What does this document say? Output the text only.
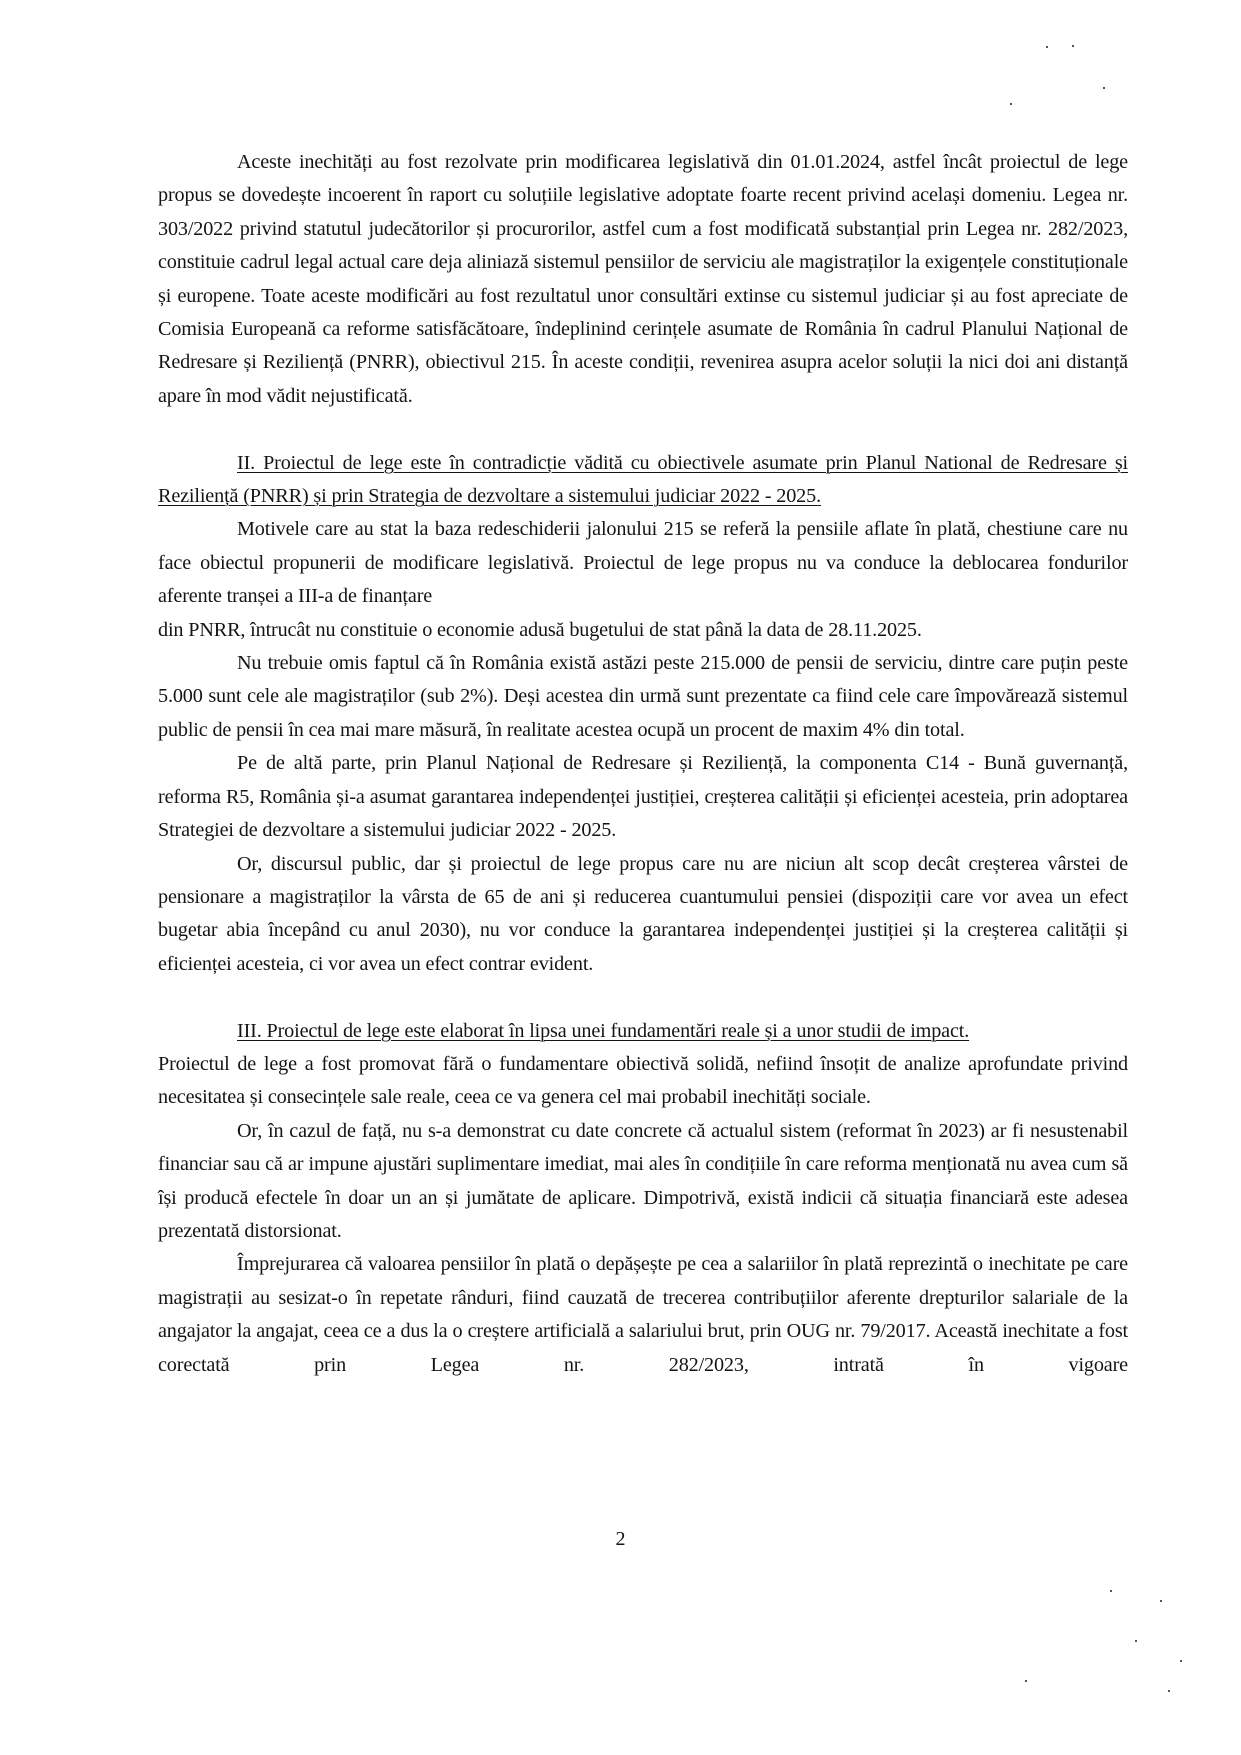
Aceste inechități au fost rezolvate prin modificarea legislativă din 01.01.2024, astfel încât proiectul de lege propus se dovedește incoerent în raport cu soluțiile legislative adoptate foarte recent privind același domeniu. Legea nr. 303/2022 privind statutul judecătorilor și procurorilor, astfel cum a fost modificată substanțial prin Legea nr. 282/2023, constituie cadrul legal actual care deja aliniază sistemul pensiilor de serviciu ale magistraților la exigențele constituționale și europene. Toate aceste modificări au fost rezultatul unor consultări extinse cu sistemul judiciar și au fost apreciate de Comisia Europeană ca reforme satisfăcătoare, îndeplinind cerințele asumate de România în cadrul Planului Național de Redresare și Reziliență (PNRR), obiectivul 215. În aceste condiții, revenirea asupra acelor soluții la nici doi ani distanță apare în mod vădit nejustificată.

II. Proiectul de lege este în contradicție vădită cu obiectivele asumate prin Planul National de Redresare și Reziliență (PNRR) și prin Strategia de dezvoltare a sistemului judiciar 2022 - 2025.

Motivele care au stat la baza redeschiderii jalonului 215 se referă la pensiile aflate în plată, chestiune care nu face obiectul propunerii de modificare legislativă. Proiectul de lege propus nu va conduce la deblocarea fondurilor aferente tranșei a III-a de finanțare

din PNRR, întrucât nu constituie o economie adusă bugetului de stat până la data de 28.11.2025.

Nu trebuie omis faptul că în România există astăzi peste 215.000 de pensii de serviciu, dintre care puțin peste 5.000 sunt cele ale magistraților (sub 2%). Deși acestea din urmă sunt prezentate ca fiind cele care împovărează sistemul public de pensii în cea mai mare măsură, în realitate acestea ocupă un procent de maxim 4% din total.

Pe de altă parte, prin Planul Național de Redresare și Reziliență, la componenta C14 - Bună guvernanță, reforma R5, România și-a asumat garantarea independenței justiției, creșterea calității și eficienței acesteia, prin adoptarea Strategiei de dezvoltare a sistemului judiciar 2022 - 2025.

Or, discursul public, dar și proiectul de lege propus care nu are niciun alt scop decât creșterea vârstei de pensionare a magistraților la vârsta de 65 de ani și reducerea cuantumului pensiei (dispoziții care vor avea un efect bugetar abia începând cu anul 2030), nu vor conduce la garantarea independenței justiției și la creșterea calității și eficienței acesteia, ci vor avea un efect contrar evident.

III. Proiectul de lege este elaborat în lipsa unei fundamentări reale și a unor studii de impact.

Proiectul de lege a fost promovat fără o fundamentare obiectivă solidă, nefiind însoțit de analize aprofundate privind necesitatea și consecințele sale reale, ceea ce va genera cel mai probabil inechități sociale.

Or, în cazul de față, nu s-a demonstrat cu date concrete că actualul sistem (reformat în 2023) ar fi nesustenabil financiar sau că ar impune ajustări suplimentare imediat, mai ales în condițiile în care reforma menționată nu avea cum să își producă efectele în doar un an și jumătate de aplicare. Dimpotrivă, există indicii că situația financiară este adesea prezentată distorsionat.

Împrejurarea că valoarea pensiilor în plată o depășește pe cea a salariilor în plată reprezintă o inechitate pe care magistrații au sesizat-o în repetate rânduri, fiind cauzată de trecerea contribuțiilor aferente drepturilor salariale de la angajator la angajat, ceea ce a dus la o creștere artificială a salariului brut, prin OUG nr. 79/2017. Această inechitate a fost corectată prin Legea nr. 282/2023, intrată în vigoare

2
